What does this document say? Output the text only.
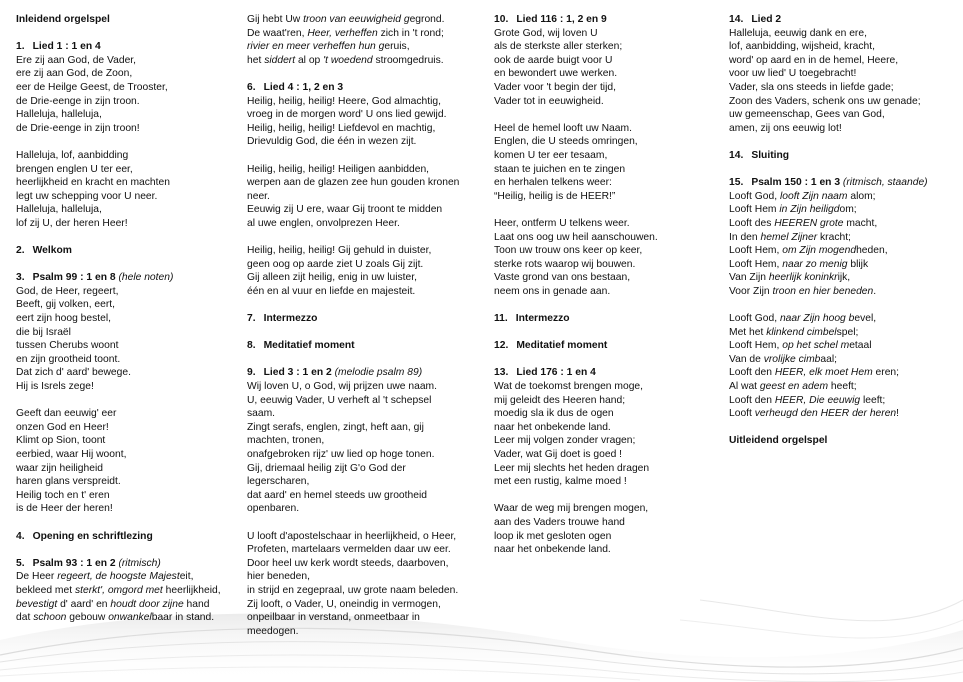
Inleidend orgelspel
1. Lied 1 : 1 en 4
Ere zij aan God, de Vader,
ere zij aan God, de Zoon,
eer de Heilge Geest, de Trooster,
de Drie-eenge in zijn troon.
Halleluja, halleluja,
de Drie-eenge in zijn troon!
Halleluja, lof, aanbidding
brengen englen U ter eer,
heerlijkheid en kracht en machten
legt uw schepping voor U neer.
Halleluja, halleluja,
lof zij U, der heren Heer!
2. Welkom
3. Psalm 99 : 1 en 8 (hele noten)
God, de Heer, regeert,
Beeft, gij volken, eert,
eert zijn hoog bestel,
die bij Israël
tussen Cherubs woont
en zijn grootheid toont.
Dat zich d' aard' bewege.
Hij is Isrels zege!
Geeft dan eeuwig' eer
onzen God en Heer!
Klimt op Sion, toont
eerbied, waar Hij woont,
waar zijn heiligheid
haren glans verspreidt.
Heilig toch en t' eren
is de Heer der heren!
4. Opening en schriftlezing
5. Psalm 93 : 1 en 2 (ritmisch)
De Heer regeert, de hoogste Majesteit,
bekleed met sterkt', omgord met heerlijkheid,
bevestigt d' aard' en houdt door zijne hand
dat schoon gebouw onwankelbaar in stand.
Gij hebt Uw troon van eeuwigheid gegrond.
De waat'ren, Heer, verheffen zich in 't rond;
rivier en meer verheffen hun geruis,
het siddert al op 't woedend stroomgedruis.
6. Lied 4 : 1, 2 en 3
Heilig, heilig, heilig! Heere, God almachtig,
vroeg in de morgen word' U ons lied gewijd.
Heilig, heilig, heilig! Liefdevol en machtig,
Drievuldig God, die één in wezen zijt.
Heilig, heilig, heilig! Heiligen aanbidden,
werpen aan de glazen zee hun gouden kronen
neer.
Eeuwig zij U ere, waar Gij troont te midden
al uwe englen, onvolprezen Heer.
Heilig, heilig, heilig! Gij gehuld in duister,
geen oog op aarde ziet U zoals Gij zijt.
Gij alleen zijt heilig, enig in uw luister,
één en al vuur en liefde en majesteit.
7. Intermezzo
8. Meditatief moment
9. Lied 3 : 1 en 2 (melodie psalm 89)
Wij loven U, o God, wij prijzen uwe naam.
U, eeuwig Vader, U verheft al 't schepsel
saam.
Zingt serafs, englen, zingt, heft aan, gij
machten, tronen,
onafgebroken rijz' uw lied op hoge tonen.
Gij, driemaal heilig zijt G'o God der
legerscharen,
dat aard' en hemel steeds uw grootheid
openbaren.
U looft d'apostelschaar in heerlijkheid, o Heer,
Profeten, martelaars vermelden daar uw eer.
Door heel uw kerk wordt steeds, daarboven,
hier beneden,
in strijd en zegepraal, uw grote naam beleden.
Zij looft, o Vader, U, oneindig in vermogen,
onpeilbaar in verstand, onmeetbaar in
meedogen.
10. Lied 116 : 1, 2 en 9
Grote God, wij loven U
als de sterkste aller sterken;
ook de aarde buigt voor U
en bewondert uwe werken.
Vader voor 't begin der tijd,
Vader tot in eeuwigheid.
Heel de hemel looft uw Naam.
Englen, die U steeds omringen,
komen U ter eer tesaam,
staan te juichen en te zingen
en herhalen telkens weer:
“Heilig, heilig is de HEER!”
Heer, ontferm U telkens weer.
Laat ons oog uw heil aanschouwen.
Toon uw trouw ons keer op keer,
sterke rots waarop wij bouwen.
Vaste grond van ons bestaan,
neem ons in genade aan.
11. Intermezzo
12. Meditatief moment
13. Lied 176 : 1 en 4
Wat de toekomst brengen moge,
mij geleidt des Heeren hand;
moedig sla ik dus de ogen
naar het onbekende land.
Leer mij volgen zonder vragen;
Vader, wat Gij doet is goed !
Leer mij slechts het heden dragen
met een rustig, kalme moed !
Waar de weg mij brengen mogen,
aan des Vaders trouwe hand
loop ik met gesloten ogen
naar het onbekende land.
14. Lied 2
Halleluja, eeuwig dank en ere,
lof, aanbidding, wijsheid, kracht,
word' op aard en in de hemel, Heere,
voor uw lied' U toegebracht!
Vader, sla ons steeds in liefde gade;
Zoon des Vaders, schenk ons uw genade;
uw gemeenschap, Gees van God,
amen, zij ons eeuwig lot!
14. Sluiting
15. Psalm 150 : 1 en 3 (ritmisch, staande)
Looft God, looft Zijn naam alom;
Looft Hem in Zijn heiligdom;
Looft des HEEREN grote macht,
In den hemel Zijner kracht;
Looft Hem, om Zijn mogendheden,
Looft Hem, naar zo menig blijk
Van Zijn heerlijk koninkrijk,
Voor Zijn troon en hier beneden.
Looft God, naar Zijn hoog bevel,
Met het klinkend cimbelspel;
Looft Hem, op het schel metaal
Van de vrolijke cimbaal;
Looft den HEER, elk moet Hem eren;
Al wat geest en adem heeft;
Looft den HEER, Die eeuwig leeft;
Looft verheugd den HEER der heren!
Uitleidend orgelspel
